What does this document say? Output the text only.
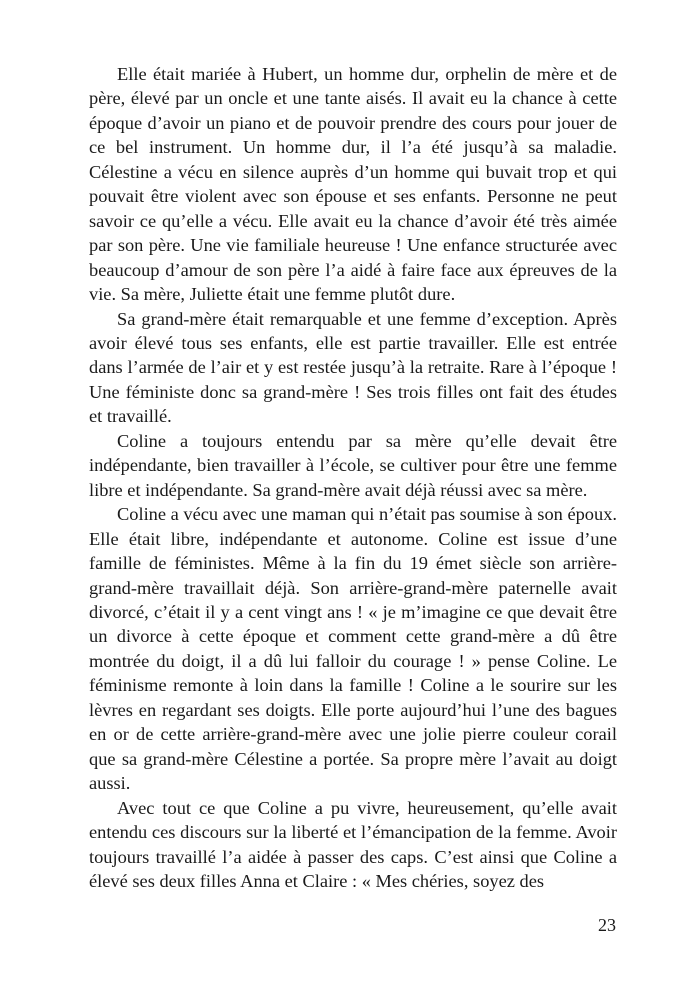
Elle était mariée à Hubert, un homme dur, orphelin de mère et de père, élevé par un oncle et une tante aisés. Il avait eu la chance à cette époque d’avoir un piano et de pouvoir prendre des cours pour jouer de ce bel instrument. Un homme dur, il l’a été jusqu’à sa maladie. Célestine a vécu en silence auprès d’un homme qui buvait trop et qui pouvait être violent avec son épouse et ses enfants. Personne ne peut savoir ce qu’elle a vécu. Elle avait eu la chance d’avoir été très aimée par son père. Une vie familiale heureuse ! Une enfance structurée avec beaucoup d’amour de son père l’a aidé à faire face aux épreuves de la vie. Sa mère, Juliette était une femme plutôt dure.

Sa grand-mère était remarquable et une femme d’exception. Après avoir élevé tous ses enfants, elle est partie travailler. Elle est entrée dans l’armée de l’air et y est restée jusqu’à la retraite. Rare à l’époque ! Une féministe donc sa grand-mère ! Ses trois filles ont fait des études et travaillé.

Coline a toujours entendu par sa mère qu’elle devait être indépendante, bien travailler à l’école, se cultiver pour être une femme libre et indépendante. Sa grand-mère avait déjà réussi avec sa mère.

Coline a vécu avec une maman qui n’était pas soumise à son époux. Elle était libre, indépendante et autonome. Coline est issue d’une famille de féministes. Même à la fin du 19 émet siècle son arrière-grand-mère travaillait déjà. Son arrière-grand-mère paternelle avait divorcé, c’était il y a cent vingt ans ! « je m’imagine ce que devait être un divorce à cette époque et comment cette grand-mère a dû être montrée du doigt, il a dû lui falloir du courage ! » pense Coline. Le féminisme remonte à loin dans la famille ! Coline a le sourire sur les lèvres en regardant ses doigts. Elle porte aujourd’hui l’une des bagues en or de cette arrière-grand-mère avec une jolie pierre couleur corail que sa grand-mère Célestine a portée. Sa propre mère l’avait au doigt aussi.

Avec tout ce que Coline a pu vivre, heureusement, qu’elle avait entendu ces discours sur la liberté et l’émancipation de la femme. Avoir toujours travaillé l’a aidée à passer des caps. C’est ainsi que Coline a élevé ses deux filles Anna et Claire : « Mes chéries, soyez des

23
